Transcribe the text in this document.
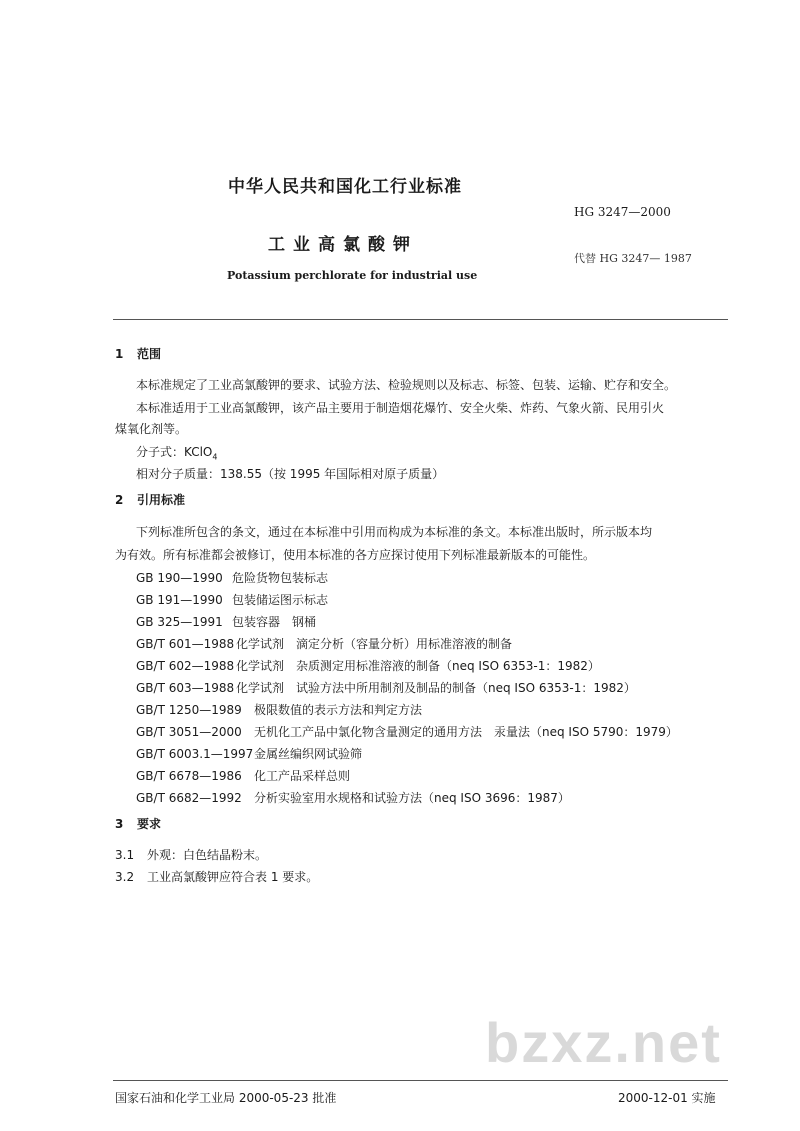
中华人民共和国化工行业标准
HG 3247—2000
工业高氯酸钾
代替 HG 3247— 1987
Potassium perchlorate for industrial use
1 范围
本标准规定了工业高氯酸钾的要求、试验方法、检验规则以及标志、标签、包装、运输、贮存和安全。
本标准适用于工业高氯酸钾，该产品主要用于制造烟花爆竹、安全火柴、炸药、气象火箭、民用引火
煤氧化剂等。
分子式：KClO$_4$
相对分子质量：138.55（按 1995 年国际相对原子质量）
2 引用标准
下列标准所包含的条文，通过在本标准中引用而构成为本标准的条文。本标准出版时，所示版本均
为有效。所有标准都会被修订，使用本标准的各方应探讨使用下列标准最新版本的可能性。
GB 190—1990 危险货物包装标志
GB 191—1990 包装储运图示标志
GB 325—1991 包装容器　钢桶
GB/T 601—1988 化学试剂　滴定分析（容量分析）用标准溶液的制备
GB/T 602—1988 化学试剂　杂质测定用标准溶液的制备（neq ISO 6353-1：1982）
GB/T 603—1988 化学试剂　试验方法中所用制剂及制品的制备（neq ISO 6353-1：1982）
GB/T 1250—1989 极限数值的表示方法和判定方法
GB/T 3051—2000 无机化工产品中氯化物含量测定的通用方法　汞量法（neq ISO 5790：1979）
GB/T 6003.1—1997金属丝编织网试验筛
GB/T 6678—1986 化工产品采样总则
GB/T 6682—1992 分析实验室用水规格和试验方法（neq ISO 3696：1987）
3 要求
3.1 外观：白色结晶粉末。
3.2 工业高氯酸钾应符合表 1 要求。
bzxz.net
国家石油和化学工业局 2000-05-23 批准	2000-12-01 实施
